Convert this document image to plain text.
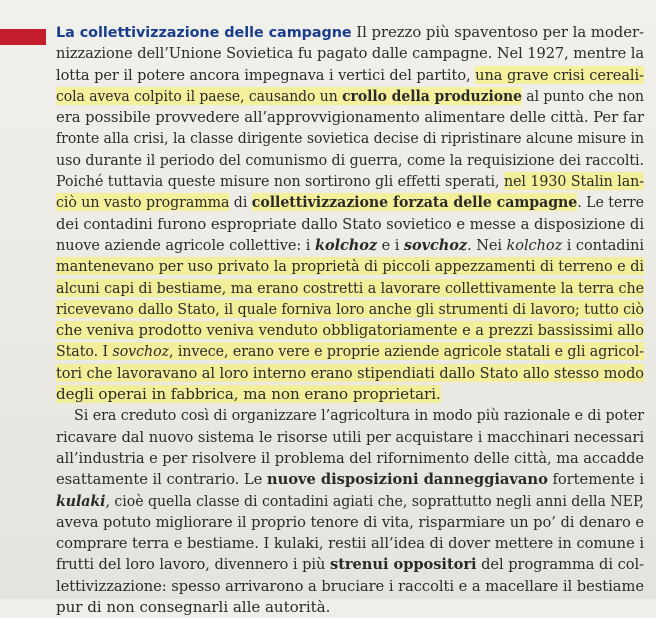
La collettivizzazione delle campagne Il prezzo più spaventoso per la moder-
nizzazione dell’Unione Sovietica fu pagato dalle campagne. Nel 1927, mentre la
lotta per il potere ancora impegnava i vertici del partito, una grave crisi cereali-
cola aveva colpito il paese, causando un crollo della produzione al punto che non
era possibile provvedere all’approvvigionamento alimentare delle città. Per far
fronte alla crisi, la classe dirigente sovietica decise di ripristinare alcune misure in
uso durante il periodo del comunismo di guerra, come la requisizione dei raccolti.
Poiché tuttavia queste misure non sortirono gli effetti sperati, nel 1930 Stalin lan-
ciò un vasto programma di collettivizzazione forzata delle campagne. Le terre
dei contadini furono espropriate dallo Stato sovietico e messe a disposizione di
nuove aziende agricole collettive: i kolchoz e i sovchoz. Nei kolchoz i contadini
mantenevano per uso privato la proprietà di piccoli appezzamenti di terreno e di
alcuni capi di bestiame, ma erano costretti a lavorare collettivamente la terra che
ricevevano dallo Stato, il quale forniva loro anche gli strumenti di lavoro; tutto ciò
che veniva prodotto veniva venduto obbligatoriamente e a prezzi bassissimi allo
Stato. I sovchoz, invece, erano vere e proprie aziende agricole statali e gli agricol-
tori che lavoravano al loro interno erano stipendiati dallo Stato allo stesso modo
degli operai in fabbrica, ma non erano proprietari.
Si era creduto così di organizzare l’agricoltura in modo più razionale e di poter
ricavare dal nuovo sistema le risorse utili per acquistare i macchinari necessari
all’industria e per risolvere il problema del rifornimento delle città, ma accadde
esattamente il contrario. Le nuove disposizioni danneggiavano fortemente i
kulaki, cioè quella classe di contadini agiati che, soprattutto negli anni della NEP,
aveva potuto migliorare il proprio tenore di vita, risparmiare un po’ di denaro e
comprare terra e bestiame. I kulaki, restii all’idea di dover mettere in comune i
frutti del loro lavoro, divennero i più strenui oppositori del programma di col-
lettivizzazione: spesso arrivarono a bruciare i raccolti e a macellare il bestiame
pur di non consegnarli alle autorità.
